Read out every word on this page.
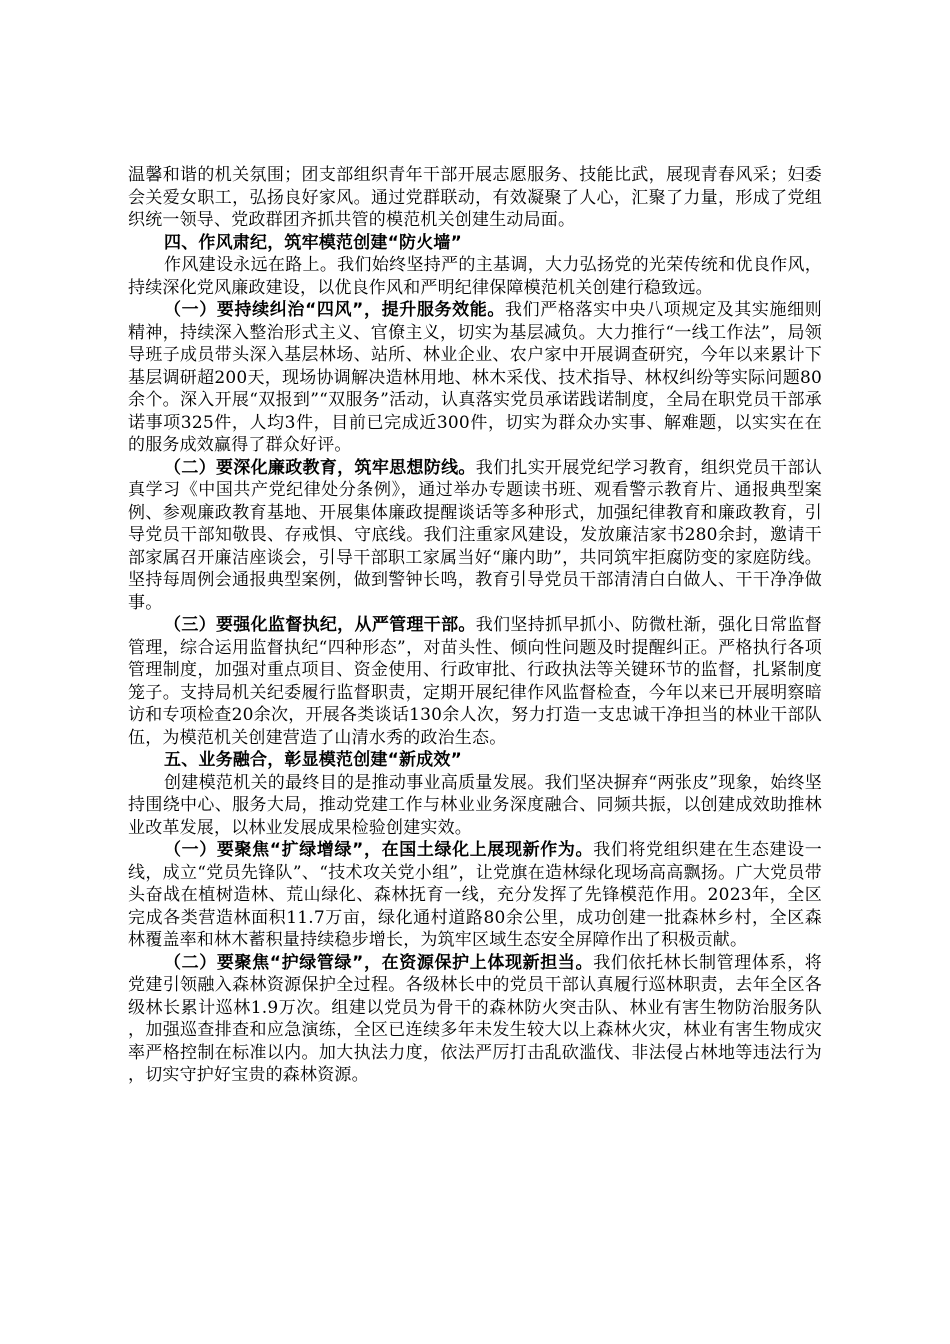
温馨和谐的机关氛围；团支部组织青年干部开展志愿服务、技能比武，展现青春风采；妇委会关爱女职工，弘扬良好家风。通过党群联动，有效凝聚了人心，汇聚了力量，形成了党组织统一领导、党政群团齐抓共管的模范机关创建生动局面。

四、作风肃纪，筑牢模范创建“防火墙”

作风建设永远在路上。我们始终坚持严的主基调，大力弘扬党的光荣传统和优良作风，持续深化党风廉政建设，以优良作风和严明纪律保障模范机关创建行稳致远。

（一）要持续纠治“四风”，提升服务效能。我们严格落实中央八项规定及其实施细则精神，持续深入整治形式主义、官僚主义，切实为基层减负。大力推行“一线工作法”，局领导班子成员带头深入基层林场、站所、林业企业、农户家中开展调查研究，今年以来累计下基层调研超200天，现场协调解决造林用地、林木采伐、技术指导、林权纠纷等实际问题80余个。深入开展“双报到”“双服务”活动，认真落实党员承诺践诺制度，全局在职党员干部承诺事项325件，人均3件，目前已完成近300件，切实为群众办实事、解难题，以实实在在的服务成效赢得了群众好评。

（二）要深化廉政教育，筑牢思想防线。我们扎实开展党纪学习教育，组织党员干部认真学习《中国共产党纪律处分条例》，通过举办专题读书班、观看警示教育片、通报典型案例、参观廉政教育基地、开展集体廉政提醒谈话等多种形式，加强纪律教育和廉政教育，引导党员干部知敬畏、存戒惧、守底线。我们注重家风建设，发放廉洁家书280余封，邀请干部家属召开廉洁座谈会，引导干部职工家属当好“廉内助”，共同筑牢拒腐防变的家庭防线。坚持每周例会通报典型案例，做到警钟长鸣，教育引导党员干部清清白白做人、干干净净做事。

（三）要强化监督执纪，从严管理干部。我们坚持抓早抓小、防微杜渐，强化日常监督管理，综合运用监督执纪“四种形态”，对苗头性、倾向性问题及时提醒纠正。严格执行各项管理制度，加强对重点项目、资金使用、行政审批、行政执法等关键环节的监督，扎紧制度笼子。支持局机关纪委履行监督职责，定期开展纪律作风监督检查，今年以来已开展明察暗访和专项检查20余次，开展各类谈话130余人次，努力打造一支忠诚干净担当的林业干部队伍，为模范机关创建营造了山清水秀的政治生态。

五、业务融合，彰显模范创建“新成效”

创建模范机关的最终目的是推动事业高质量发展。我们坚决摒弃“两张皮”现象，始终坚持围绕中心、服务大局，推动党建工作与林业业务深度融合、同频共振，以创建成效助推林业改革发展，以林业发展成果检验创建实效。

（一）要聚焦“扩绿增绿”，在国土绿化上展现新作为。我们将党组织建在生态建设一线，成立“党员先锋队”、“技术攻关党小组”，让党旗在造林绿化现场高高飘扬。广大党员带头奋战在植树造林、荒山绿化、森林抚育一线，充分发挥了先锋模范作用。2023年，全区完成各类营造林面积11.7万亩，绿化通村道路80余公里，成功创建一批森林乡村，全区森林覆盖率和林木蓄积量持续稳步增长，为筑牢区域生态安全屏障作出了积极贡献。

（二）要聚焦“护绿管绿”，在资源保护上体现新担当。我们依托林长制管理体系，将党建引领融入森林资源保护全过程。各级林长中的党员干部认真履行巡林职责，去年全区各级林长累计巡林1.9万次。组建以党员为骨干的森林防火突击队、林业有害生物防治服务队，加强巡查排查和应急演练，全区已连续多年未发生较大以上森林火灾，林业有害生物成灾率严格控制在标准以内。加大执法力度，依法严厉打击乱砍滥伐、非法侵占林地等违法行为，切实守护好宝贵的森林资源。
